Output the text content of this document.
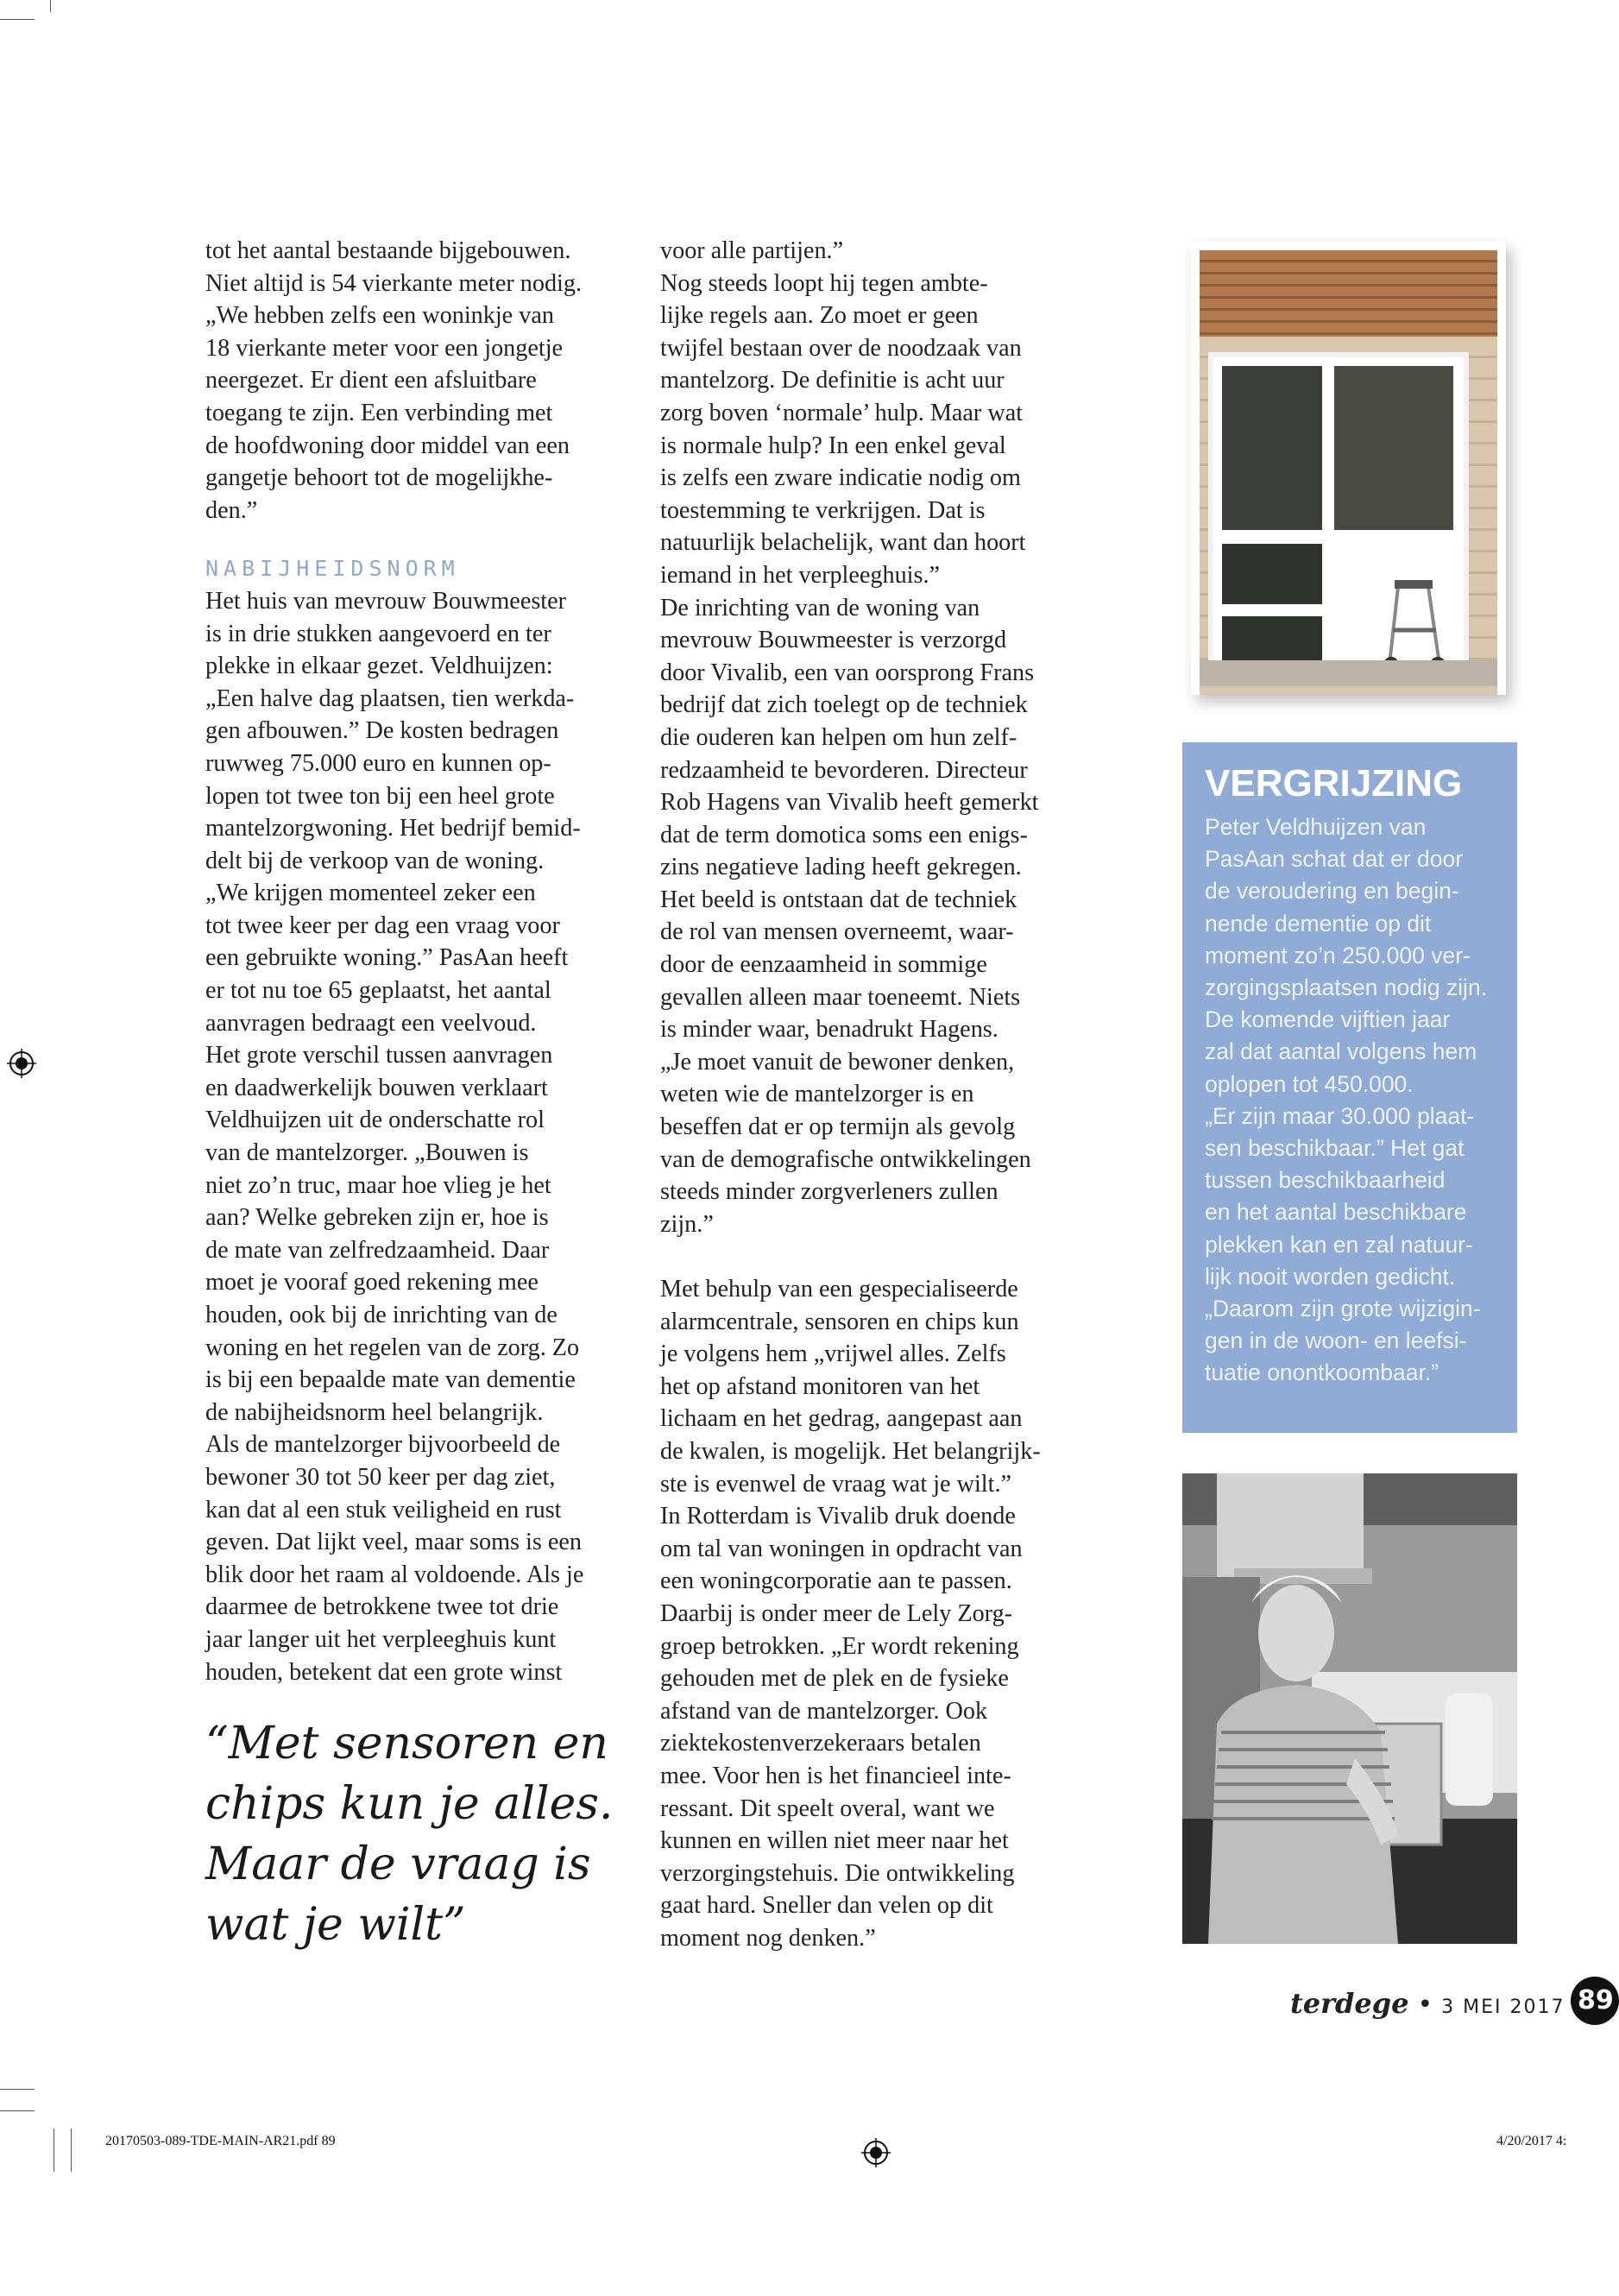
tot het aantal bestaande bijgebouwen.
Niet altijd is 54 vierkante meter nodig.
„We hebben zelfs een woninkje van
18 vierkante meter voor een jongetje
neergezet. Er dient een afsluitbare
toegang te zijn. Een verbinding met
de hoofdwoning door middel van een
gangetje behoort tot de mogelijkhe-
den.”
NABIJHEIDSNORM
Het huis van mevrouw Bouwmeester
is in drie stukken aangevoerd en ter
plekke in elkaar gezet. Veldhuijzen:
„Een halve dag plaatsen, tien werkda-
gen afbouwen.” De kosten bedragen
ruwweg 75.000 euro en kunnen op-
lopen tot twee ton bij een heel grote
mantelzorgwoning. Het bedrijf bemid-
delt bij de verkoop van de woning.
„We krijgen momenteel zeker een
tot twee keer per dag een vraag voor
een gebruikte woning.” PasAan heeft
er tot nu toe 65 geplaatst, het aantal
aanvragen bedraagt een veelvoud.
Het grote verschil tussen aanvragen
en daadwerkelijk bouwen verklaart
Veldhuijzen uit de onderschatte rol
van de mantelzorger. „Bouwen is
niet zo’n truc, maar hoe vlieg je het
aan? Welke gebreken zijn er, hoe is
de mate van zelfredzaamheid. Daar
moet je vooraf goed rekening mee
houden, ook bij de inrichting van de
woning en het regelen van de zorg. Zo
is bij een bepaalde mate van dementie
de nabijheidsnorm heel belangrijk.
Als de mantelzorger bijvoorbeeld de
bewoner 30 tot 50 keer per dag ziet,
kan dat al een stuk veiligheid en rust
geven. Dat lijkt veel, maar soms is een
blik door het raam al voldoende. Als je
daarmee de betrokkene twee tot drie
jaar langer uit het verpleeghuis kunt
houden, betekent dat een grote winst
“Met sensoren en
chips kun je alles.
Maar de vraag is
wat je wilt”
voor alle partijen.”
Nog steeds loopt hij tegen ambte-
lijke regels aan. Zo moet er geen
twijfel bestaan over de noodzaak van
mantelzorg. De definitie is acht uur
zorg boven ‘normale’ hulp. Maar wat
is normale hulp? In een enkel geval
is zelfs een zware indicatie nodig om
toestemming te verkrijgen. Dat is
natuurlijk belachelijk, want dan hoort
iemand in het verpleeghuis.”
De inrichting van de woning van
mevrouw Bouwmeester is verzorgd
door Vivalib, een van oorsprong Frans
bedrijf dat zich toelegt op de techniek
die ouderen kan helpen om hun zelf-
redzaamheid te bevorderen. Directeur
Rob Hagens van Vivalib heeft gemerkt
dat de term domotica soms een enigs-
zins negatieve lading heeft gekregen.
Het beeld is ontstaan dat de techniek
de rol van mensen overneemt, waar-
door de eenzaamheid in sommige
gevallen alleen maar toeneemt. Niets
is minder waar, benadrukt Hagens.
„Je moet vanuit de bewoner denken,
weten wie de mantelzorger is en
beseffen dat er op termijn als gevolg
van de demografische ontwikkelingen
steeds minder zorgverleners zullen
zijn.”
Met behulp van een gespecialiseerde
alarmcentrale, sensoren en chips kun
je volgens hem „vrijwel alles. Zelfs
het op afstand monitoren van het
lichaam en het gedrag, aangepast aan
de kwalen, is mogelijk. Het belangrijk-
ste is evenwel de vraag wat je wilt.”
In Rotterdam is Vivalib druk doende
om tal van woningen in opdracht van
een woningcorporatie aan te passen.
Daarbij is onder meer de Lely Zorg-
groep betrokken. „Er wordt rekening
gehouden met de plek en de fysieke
afstand van de mantelzorger. Ook
ziektekostenverzekeraars betalen
mee. Voor hen is het financieel inte-
ressant. Dit speelt overal, want we
kunnen en willen niet meer naar het
verzorgingstehuis. Die ontwikkeling
gaat hard. Sneller dan velen op dit
moment nog denken.”
VERGRIJZING
Peter Veldhuijzen van
PasAan schat dat er door
de veroudering en begin-
nende dementie op dit
moment zo’n 250.000 ver-
zorgingsplaatsen nodig zijn.
De komende vijftien jaar
zal dat aantal volgens hem
oplopen tot 450.000.
„Er zijn maar 30.000 plaat-
sen beschikbaar.” Het gat
tussen beschikbaarheid
en het aantal beschikbare
plekken kan en zal natuur-
lijk nooit worden gedicht.
„Daarom zijn grote wijzigin-
gen in de woon- en leefsi-
tuatie onontkoombaar.”
terdege • 3 MEI 2017 89
20170503-089-TDE-MAIN-AR21.pdf 89	4/20/2017 4:
